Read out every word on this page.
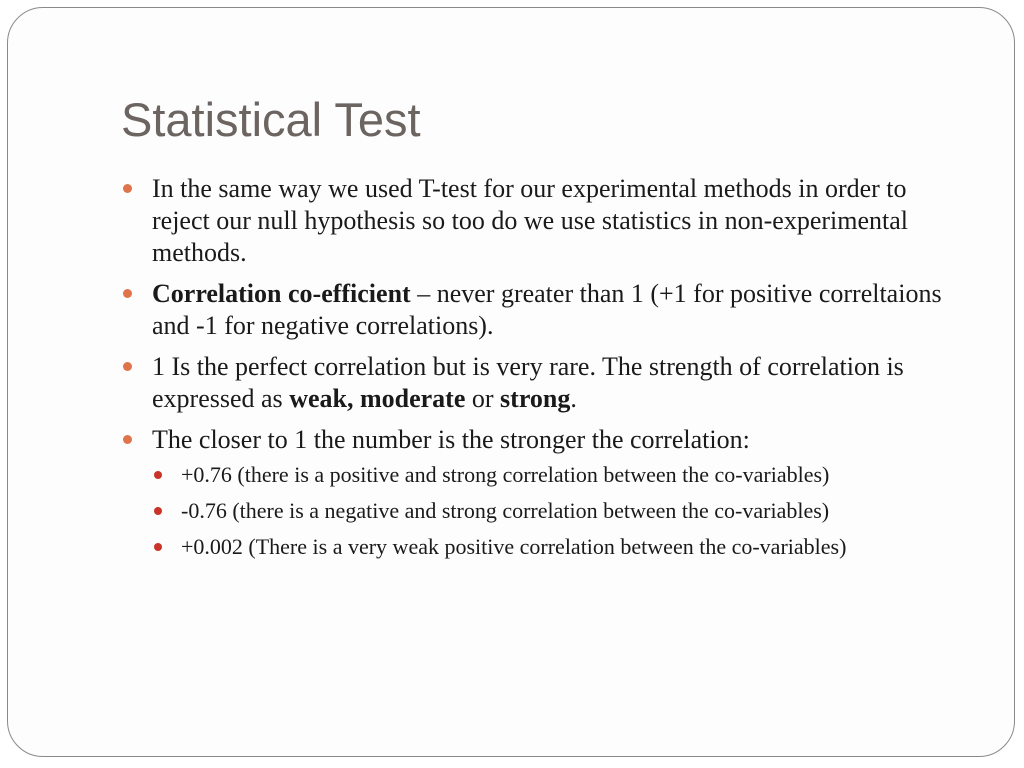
Statistical Test
In the same way we used T-test for our experimental methods in order to reject our null hypothesis so too do we use statistics in non-experimental methods.
Correlation co-efficient – never greater than 1 (+1 for positive correltaions and -1 for negative correlations).
1 Is the perfect correlation but is very rare. The strength of correlation is expressed as weak, moderate or strong.
The closer to 1 the number is the stronger the correlation:
+0.76 (there is a positive and strong correlation between the co-variables)
-0.76 (there is a negative and strong correlation between the co-variables)
+0.002 (There is a very weak positive correlation between the co-variables)
